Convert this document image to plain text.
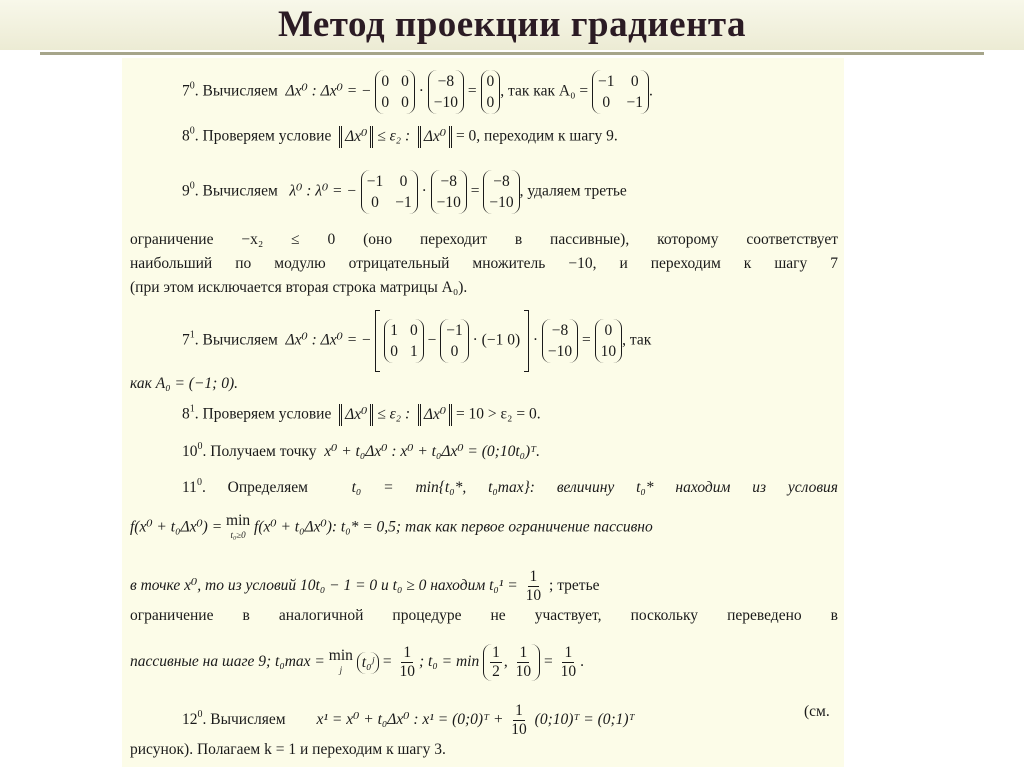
Метод проекции градиента
$7^0$. Вычисляем Δx⁰ : Δx⁰ = −
0 0
0 0
·
−8
−10
=
0
0
, так как A₀ =
−1 0
0 −1
.
$8^0$. Проверяем условие Δx⁰ ≤ ε₂ : Δx⁰ = 0, переходим к шагу 9.
$9^0$. Вычисляем λ⁰ : λ⁰ = −
−1 0
0 −1
·
−8
−10
=
−8
−10
, удаляем третье
ограничение −x₂ ≤ 0 (оно переходит в пассивные), которому соответствует
наибольший по модулю отрицательный множитель −10, и переходим к шагу 7
(при этом исключается вторая строка матрицы A₀).
$7^1$. Вычисляем Δx⁰ : Δx⁰ = −
1 0
0 1
−
−1
0
· (−1 0)  ·
−8
−10
=
0
10
, так
как A₀ = (−1; 0).
$8^1$. Проверяем условие Δx⁰ ≤ ε₂ : Δx⁰ = 10 > ε₂ = 0.
$10^0$. Получаем точку x⁰ + t₀Δx⁰ : x⁰ + t₀Δx⁰ = (0;10t₀)ᵀ.
$11^0$. Определяем	t₀ = min{t₀*, t₀max}: величину t₀* находим из условия
f(x⁰ + t₀Δx⁰) = min
t₀≥0 f(x⁰ + t₀Δx⁰): t₀* = 0,5; так как первое ограничение пассивно
в точке x⁰, то из условий 10t₀ − 1 = 0 и t₀ ≥ 0 находим $t_0^1 = \frac{1}{10}$ ; третье
ограничение в аналогичной процедуре не участвует, поскольку переведено в
пассивные на шаге 9; t₀max = min
j t₀ʲ = $\frac{1}{10}$ ; $t_0 = \min \frac{1}{2}$ , $\frac{1}{10} = \frac{1}{10}$ .
$12^0$. Вычисляем x¹ = x⁰ + t₀Δx⁰ : x¹ = (0;0)ᵀ + $\frac{1}{10}$ (0;10)ᵀ = (0;1)ᵀ	(см.
рисунок). Полагаем k = 1 и переходим к шагу 3.
